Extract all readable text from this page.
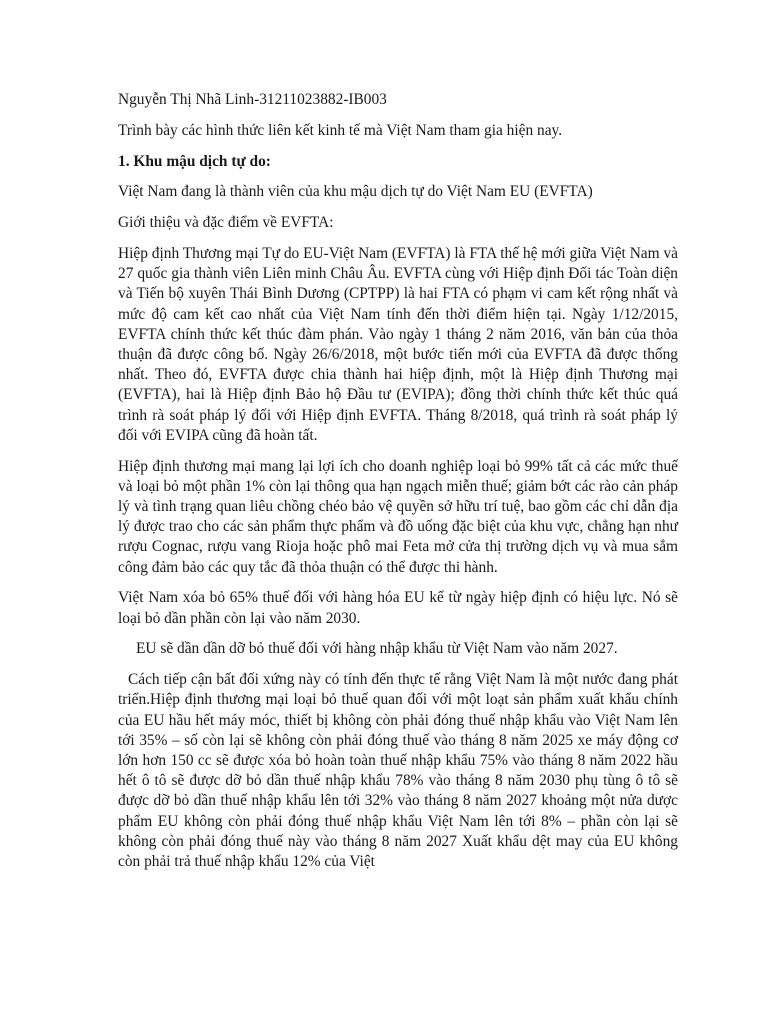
Nguyễn Thị Nhã Linh-31211023882-IB003

Trình bày các hình thức liên kết kinh tế mà Việt Nam tham gia hiện nay.

1. Khu mậu dịch tự do:

Việt Nam đang là thành viên của khu mậu dịch tự do Việt Nam EU (EVFTA)

Giới thiệu và đặc điểm về EVFTA:

Hiệp định Thương mại Tự do EU-Việt Nam (EVFTA) là FTA thế hệ mới giữa Việt Nam và 27 quốc gia thành viên Liên minh Châu Âu. EVFTA cùng với Hiệp định Đối tác Toàn diện và Tiến bộ xuyên Thái Bình Dương (CPTPP) là hai FTA có phạm vi cam kết rộng nhất và mức độ cam kết cao nhất của Việt Nam tính đến thời điểm hiện tại. Ngày 1/12/2015, EVFTA chính thức kết thúc đàm phán. Vào ngày 1 tháng 2 năm 2016, văn bản của thỏa thuận đã được công bố. Ngày 26/6/2018, một bước tiến mới của EVFTA đã được thống nhất. Theo đó, EVFTA được chia thành hai hiệp định, một là Hiệp định Thương mại (EVFTA), hai là Hiệp định Bảo hộ Đầu tư (EVIPA); đồng thời chính thức kết thúc quá trình rà soát pháp lý đối với Hiệp định EVFTA. Tháng 8/2018, quá trình rà soát pháp lý đối với EVIPA cũng đã hoàn tất.

Hiệp định thương mại mang lại lợi ích cho doanh nghiệp loại bỏ 99% tất cả các mức thuế và loại bỏ một phần 1% còn lại thông qua hạn ngạch miễn thuế; giảm bớt các rào cản pháp lý và tình trạng quan liêu chồng chéo bảo vệ quyền sở hữu trí tuệ, bao gồm các chỉ dẫn địa lý được trao cho các sản phẩm thực phẩm và đồ uống đặc biệt của khu vực, chẳng hạn như rượu Cognac, rượu vang Rioja hoặc phô mai Feta mở cửa thị trường dịch vụ và mua sắm công đảm bảo các quy tắc đã thỏa thuận có thể được thi hành.

Việt Nam xóa bỏ 65% thuế đối với hàng hóa EU kể từ ngày hiệp định có hiệu lực. Nó sẽ loại bỏ dần phần còn lại vào năm 2030.

EU sẽ dần dần dỡ bỏ thuế đối với hàng nhập khẩu từ Việt Nam vào năm 2027.

Cách tiếp cận bất đối xứng này có tính đến thực tế rằng Việt Nam là một nước đang phát triển.Hiệp định thương mại loại bỏ thuế quan đối với một loạt sản phẩm xuất khẩu chính của EU hầu hết máy móc, thiết bị không còn phải đóng thuế nhập khẩu vào Việt Nam lên tới 35% – số còn lại sẽ không còn phải đóng thuế vào tháng 8 năm 2025 xe máy động cơ lớn hơn 150 cc sẽ được xóa bỏ hoàn toàn thuế nhập khẩu 75% vào tháng 8 năm 2022 hầu hết ô tô sẽ được dỡ bỏ dần thuế nhập khẩu 78% vào tháng 8 năm 2030 phụ tùng ô tô sẽ được dỡ bỏ dần thuế nhập khẩu lên tới 32% vào tháng 8 năm 2027 khoảng một nửa dược phẩm EU không còn phải đóng thuế nhập khẩu Việt Nam lên tới 8% – phần còn lại sẽ không còn phải đóng thuế này vào tháng 8 năm 2027 Xuất khẩu dệt may của EU không còn phải trả thuế nhập khẩu 12% của Việt
